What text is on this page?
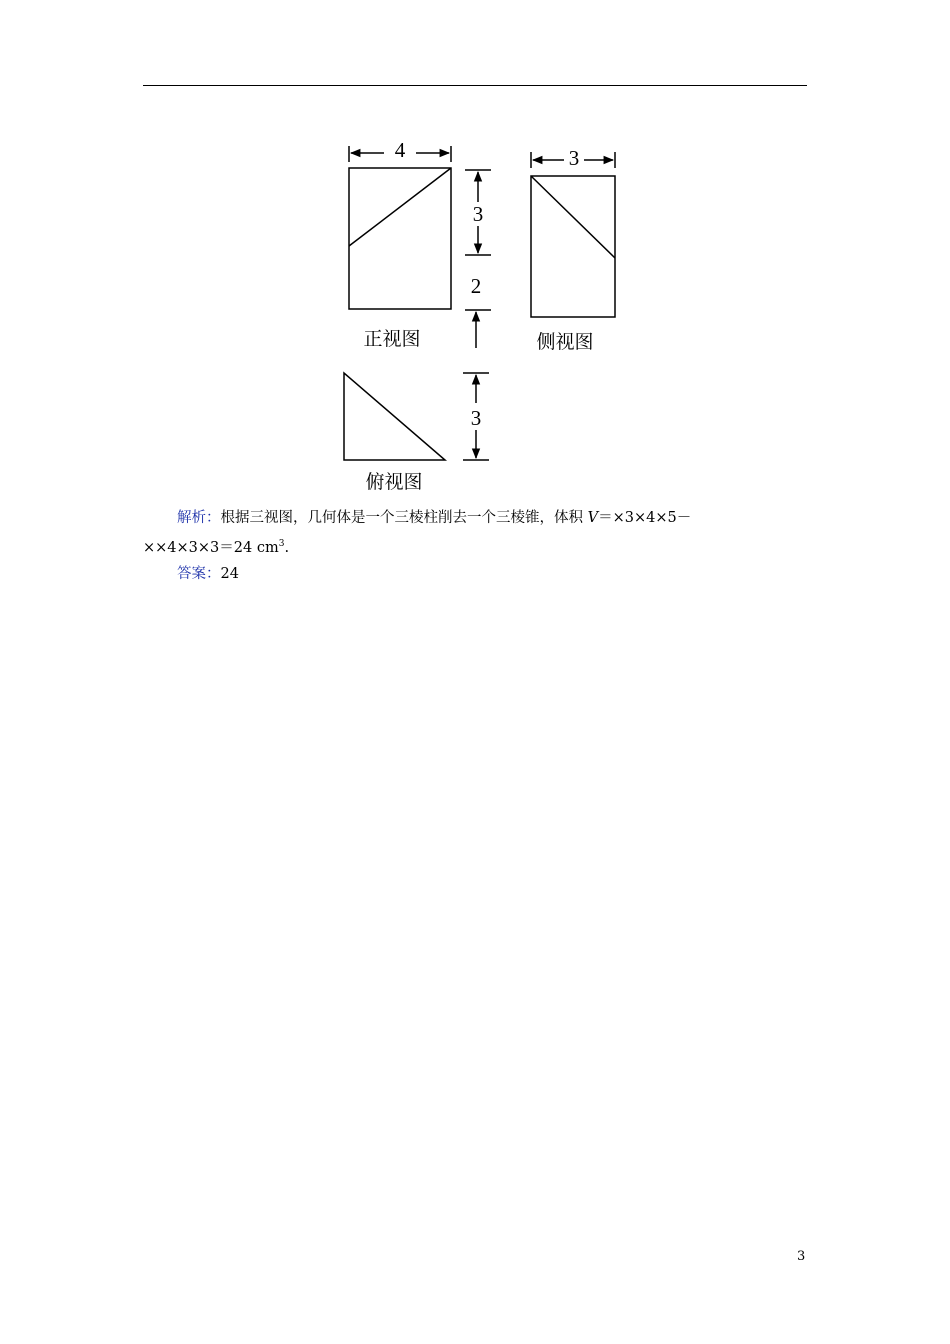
4	3
3
2
3
正视图	侧视图
俯视图
解析：根据三视图，几何体是一个三棱柱削去一个三棱锥，体积 V＝×3×4×5－
××4×3×3＝24 $cm^3$.
答案：24
3
